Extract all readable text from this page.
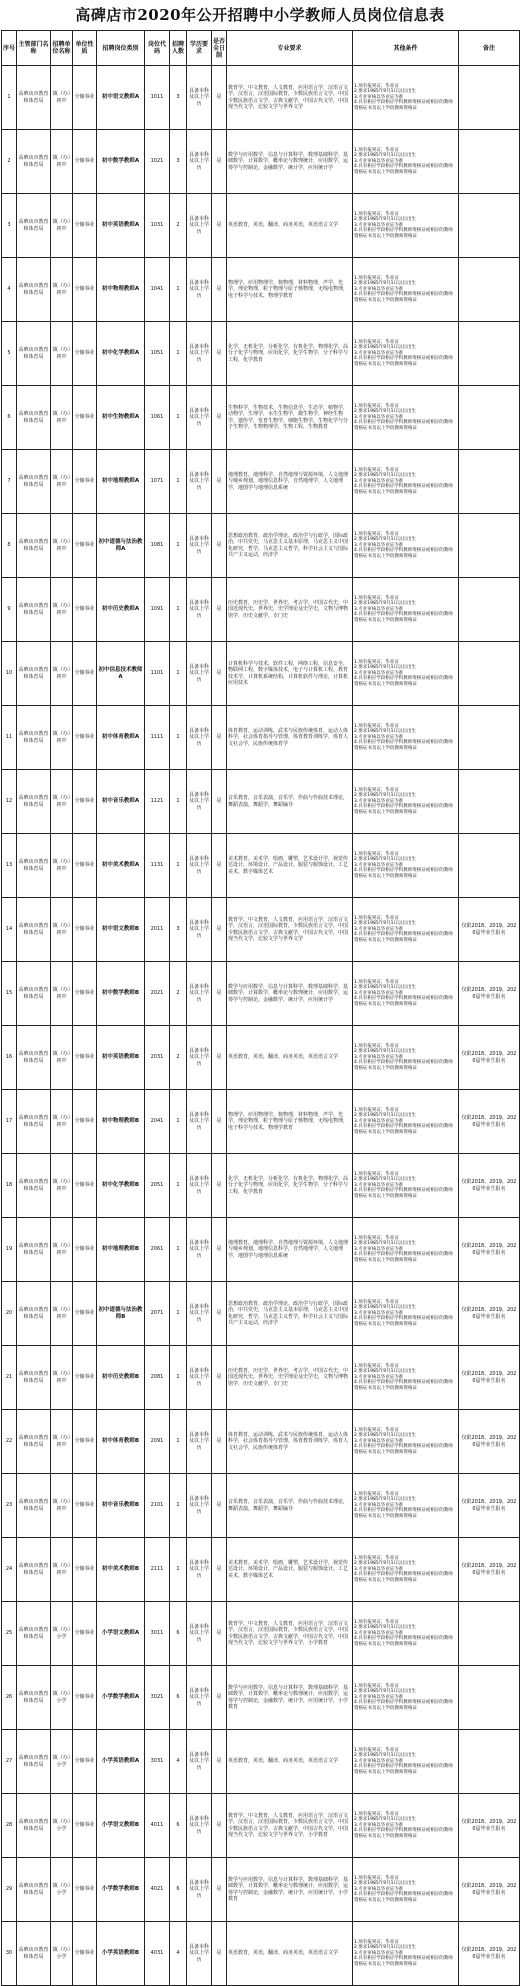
高碑店市2020年公开招聘中小学教师人员岗位信息表
序号	主管部门名称	招聘单位名称	单位性质	招聘岗位类别	岗位代码	招聘人数	学历要求	是否全日制	专业要求	其他条件	备注
1	高碑店市教育和体育局	镇（办）初中	全额事业	初中语文教师A	1011	3	具备本科及以上学历	是	教育学，中文教育，人文教育，应用语言学，汉语言文学，汉语言，汉语国际教育，少数民族语言文学，中国少数民族语言文学，古典文献学，中国古代文学，中国现当代文学，比较文学与世界文学	1.须有报到证、毕业证
2.要求1985年9月1日以后出生
3.专业审核以毕业证为准
4.具有相应学段相应学科教师资格证或相应的教师资格证书及以上学段教师资格证	
2	高碑店市教育和体育局	镇（办）初中	全额事业	初中数学教师A	1021	3	具备本科及以上学历	是	数学与应用数学，信息与计算科学，数理基础科学，基础数学，计算数学，概率论与数理统计，应用数学，运筹学与控制论，金融数学，统计学，应用统计学	1.须有报到证、毕业证
2.要求1985年9月1日以后出生
3.专业审核以毕业证为准
4.具有相应学段相应学科教师资格证或相应的教师资格证书及以上学段教师资格证	
3	高碑店市教育和体育局	镇（办）初中	全额事业	初中英语教师A	1031	2	具备本科及以上学历	是	英语教育，英语，翻译，商务英语，英语语言文学	1.须有报到证、毕业证
2.要求1985年9月1日以后出生
3.专业审核以毕业证为准
4.具有相应学段相应学科教师资格证或相应的教师资格证书及以上学段教师资格证	
4	高碑店市教育和体育局	镇（办）初中	全额事业	初中物理教师A	1041	1	具备本科及以上学历	是	物理学，应用物理学，核物理，材料物理，声学，光学，理论物理，粒子物理与原子核物理，无线电物理，电子科学与技术，物理学教育	1.须有报到证、毕业证
2.要求1985年9月1日以后出生
3.专业审核以毕业证为准
4.具有相应学段相应学科教师资格证或相应的教师资格证书及以上学段教师资格证	
5	高碑店市教育和体育局	镇（办）初中	全额事业	初中化学教师A	1051	1	具备本科及以上学历	是	化学，无机化学，分析化学，有机化学，物理化学，高分子化学与物理，应用化学，化学生物学，分子科学与工程，化学教育	1.须有报到证、毕业证
2.要求1985年9月1日以后出生
3.专业审核以毕业证为准
4.具有相应学段相应学科教师资格证或相应的教师资格证书及以上学段教师资格证	
6	高碑店市教育和体育局	镇（办）初中	全额事业	初中生物教师A	1061	1	具备本科及以上学历	是	生物科学，生物技术，生物信息学，生态学，植物学，动物学，生理学，水生生物学，微生物学，神经生物学，遗传学，发育生物学，细胞生物学，生物化学与分子生物学，生物物理学，生物工程，生物教育	1.须有报到证、毕业证
2.要求1985年9月1日以后出生
3.专业审核以毕业证为准
4.具有相应学段相应学科教师资格证或相应的教师资格证书及以上学段教师资格证	
7	高碑店市教育和体育局	镇（办）初中	全额事业	初中地理教师A	1071	1	具备本科及以上学历	是	地理教育，地理科学，自然地理与资源环境，人文地理与城乡规划，地理信息科学，自然地理学，人文地理学，地图学与地理信息系统	1.须有报到证、毕业证
2.要求1985年9月1日以后出生
3.专业审核以毕业证为准
4.具有相应学段相应学科教师资格证或相应的教师资格证书及以上学段教师资格证	
8	高碑店市教育和体育局	镇（办）初中	全额事业	初中道德与法治教师A	1081	1	具备本科及以上学历	是	思想政治教育，政治学理论，政治学与行政学，国际政治，中共党史，马克思主义基本原理，马克思主义中国化研究，哲学，马克思主义哲学，科学社会主义与国际共产主义运动，经济学	1.须有报到证、毕业证
2.要求1985年9月1日以后出生
3.专业审核以毕业证为准
4.具有相应学段相应学科教师资格证或相应的教师资格证书及以上学段教师资格证	
9	高碑店市教育和体育局	镇（办）初中	全额事业	初中历史教师A	1091	1	具备本科及以上学历	是	历史教育，历史学，世界史，考古学，中国古代史，中国近现代史，世界史，史学理论及史学史，文物与博物馆学，历史文献学，专门史	1.须有报到证、毕业证
2.要求1985年9月1日以后出生
3.专业审核以毕业证为准
4.具有相应学段相应学科教师资格证或相应的教师资格证书及以上学段教师资格证	
10	高碑店市教育和体育局	镇（办）初中	全额事业	初中信息技术教师A	1101	1	具备本科及以上学历	是	计算机科学与技术，软件工程，网络工程，信息安全，物联网工程，数字媒体技术，电子与计算机工程，教育技术学，计算机系统结构，计算机软件与理论，计算机应用技术	1.须有报到证、毕业证
2.要求1985年9月1日以后出生
3.专业审核以毕业证为准
4.具有相应学段相应学科教师资格证或相应的教师资格证书及以上学段教师资格证	
11	高碑店市教育和体育局	镇（办）初中	全额事业	初中体育教师A	1111	1	具备本科及以上学历	是	体育教育，运动训练，武术与民族传统体育，运动人体科学，社会体育指导与管理，体育教育训练学，体育人文社会学，民族传统体育学	1.须有报到证、毕业证
2.要求1985年9月1日以后出生
3.专业审核以毕业证为准
4.具有相应学段相应学科教师资格证或相应的教师资格证书及以上学段教师资格证	
12	高碑店市教育和体育局	镇（办）初中	全额事业	初中音乐教师A	1121	1	具备本科及以上学历	是	音乐教育，音乐表演，音乐学，作曲与作曲技术理论，舞蹈表演，舞蹈学，舞蹈编导	1.须有报到证、毕业证
2.要求1985年9月1日以后出生
3.专业审核以毕业证为准
4.具有相应学段相应学科教师资格证或相应的教师资格证书及以上学段教师资格证	
13	高碑店市教育和体育局	镇（办）初中	全额事业	初中美术教师A	1131	1	具备本科及以上学历	是	美术教育，美术学，绘画，雕塑，艺术设计学，视觉传达设计，环境设计，产品设计，服装与服饰设计，工艺美术，数字媒体艺术	1.须有报到证、毕业证
2.要求1985年9月1日以后出生
3.专业审核以毕业证为准
4.具有相应学段相应学科教师资格证或相应的教师资格证书及以上学段教师资格证	
14	高碑店市教育和体育局	镇（办）初中	全额事业	初中语文教师B	2011	3	具备本科及以上学历	是	教育学，中文教育，人文教育，应用语言学，汉语言文学，汉语言，汉语国际教育，少数民族语言文学，中国少数民族语言文学，古典文献学，中国古代文学，中国现当代文学，比较文学与世界文学	1.须有报到证、毕业证
2.要求1985年9月1日以后出生
3.专业审核以毕业证为准
4.具有相应学段相应学科教师资格证或相应的教师资格证书及以上学段教师资格证	仅限2018、2019、2020届毕业生报名
15	高碑店市教育和体育局	镇（办）初中	全额事业	初中数学教师B	2021	2	具备本科及以上学历	是	数学与应用数学，信息与计算科学，数理基础科学，基础数学，计算数学，概率论与数理统计，应用数学，运筹学与控制论，金融数学，统计学，应用统计学	1.须有报到证、毕业证
2.要求1985年9月1日以后出生
3.专业审核以毕业证为准
4.具有相应学段相应学科教师资格证或相应的教师资格证书及以上学段教师资格证	仅限2018、2019、2020届毕业生报名
16	高碑店市教育和体育局	镇（办）初中	全额事业	初中英语教师B	2031	2	具备本科及以上学历	是	英语教育，英语，翻译，商务英语，英语语言文学	1.须有报到证、毕业证
2.要求1985年9月1日以后出生
3.专业审核以毕业证为准
4.具有相应学段相应学科教师资格证或相应的教师资格证书及以上学段教师资格证	仅限2018、2019、2020届毕业生报名
17	高碑店市教育和体育局	镇（办）初中	全额事业	初中物理教师B	2041	1	具备本科及以上学历	是	物理学，应用物理学，核物理，材料物理，声学，光学，理论物理，粒子物理与原子核物理，无线电物理，电子科学与技术，物理学教育	1.须有报到证、毕业证
2.要求1985年9月1日以后出生
3.专业审核以毕业证为准
4.具有相应学段相应学科教师资格证或相应的教师资格证书及以上学段教师资格证	仅限2018、2019、2020届毕业生报名
18	高碑店市教育和体育局	镇（办）初中	全额事业	初中化学教师B	2051	1	具备本科及以上学历	是	化学，无机化学，分析化学，有机化学，物理化学，高分子化学与物理，应用化学，化学生物学，分子科学与工程，化学教育	1.须有报到证、毕业证
2.要求1985年9月1日以后出生
3.专业审核以毕业证为准
4.具有相应学段相应学科教师资格证或相应的教师资格证书及以上学段教师资格证	仅限2018、2019、2020届毕业生报名
19	高碑店市教育和体育局	镇（办）初中	全额事业	初中地理教师B	2061	1	具备本科及以上学历	是	地理教育，地理科学，自然地理与资源环境，人文地理与城乡规划，地理信息科学，自然地理学，人文地理学，地图学与地理信息系统	1.须有报到证、毕业证
2.要求1985年9月1日以后出生
3.专业审核以毕业证为准
4.具有相应学段相应学科教师资格证或相应的教师资格证书及以上学段教师资格证	仅限2018、2019、2020届毕业生报名
20	高碑店市教育和体育局	镇（办）初中	全额事业	初中道德与法治教师B	2071	1	具备本科及以上学历	是	思想政治教育，政治学理论，政治学与行政学，国际政治，中共党史，马克思主义基本原理，马克思主义中国化研究，哲学，马克思主义哲学，科学社会主义与国际共产主义运动，经济学	1.须有报到证、毕业证
2.要求1985年9月1日以后出生
3.专业审核以毕业证为准
4.具有相应学段相应学科教师资格证或相应的教师资格证书及以上学段教师资格证	仅限2018、2019、2020届毕业生报名
21	高碑店市教育和体育局	镇（办）初中	全额事业	初中历史教师B	2081	1	具备本科及以上学历	是	历史教育，历史学，世界史，考古学，中国古代史，中国近现代史，世界史，史学理论及史学史，文物与博物馆学，历史文献学，专门史	1.须有报到证、毕业证
2.要求1985年9月1日以后出生
3.专业审核以毕业证为准
4.具有相应学段相应学科教师资格证或相应的教师资格证书及以上学段教师资格证	仅限2018、2019、2020届毕业生报名
22	高碑店市教育和体育局	镇（办）初中	全额事业	初中体育教师B	2091	1	具备本科及以上学历	是	体育教育，运动训练，武术与民族传统体育，运动人体科学，社会体育指导与管理，体育教育训练学，体育人文社会学，民族传统体育学	1.须有报到证、毕业证
2.要求1985年9月1日以后出生
3.专业审核以毕业证为准
4.具有相应学段相应学科教师资格证或相应的教师资格证书及以上学段教师资格证	仅限2018、2019、2020届毕业生报名
23	高碑店市教育和体育局	镇（办）初中	全额事业	初中音乐教师B	2101	1	具备本科及以上学历	是	音乐教育，音乐表演，音乐学，作曲与作曲技术理论，舞蹈表演，舞蹈学，舞蹈编导	1.须有报到证、毕业证
2.要求1985年9月1日以后出生
3.专业审核以毕业证为准
4.具有相应学段相应学科教师资格证或相应的教师资格证书及以上学段教师资格证	仅限2018、2019、2020届毕业生报名
24	高碑店市教育和体育局	镇（办）初中	全额事业	初中美术教师B	2111	1	具备本科及以上学历	是	美术教育，美术学，绘画，雕塑，艺术设计学，视觉传达设计，环境设计，产品设计，服装与服饰设计，工艺美术，数字媒体艺术	1.须有报到证、毕业证
2.要求1985年9月1日以后出生
3.专业审核以毕业证为准
4.具有相应学段相应学科教师资格证或相应的教师资格证书及以上学段教师资格证	仅限2018、2019、2020届毕业生报名
25	高碑店市教育和体育局	镇（办）小学	全额事业	小学语文教师A	3011	6	具备本科及以上学历	是	教育学，中文教育，人文教育，应用语言学，汉语言文学，汉语言，汉语国际教育，少数民族语言文学，中国少数民族语言文学，古典文献学，中国古代文学，中国现当代文学，比较文学与世界文学，小学教育	1.须有报到证、毕业证
2.要求1985年9月1日以后出生
3.专业审核以毕业证为准
4.具有相应学段相应学科教师资格证或相应的教师资格证书及以上学段教师资格证	
26	高碑店市教育和体育局	镇（办）小学	全额事业	小学数学教师A	3021	6	具备本科及以上学历	是	数学与应用数学，信息与计算科学，数理基础科学，基础数学，计算数学，概率论与数理统计，应用数学，运筹学与控制论，金融数学，统计学，应用统计学，小学教育	1.须有报到证、毕业证
2.要求1985年9月1日以后出生
3.专业审核以毕业证为准
4.具有相应学段相应学科教师资格证或相应的教师资格证书及以上学段教师资格证	
27	高碑店市教育和体育局	镇（办）小学	全额事业	小学英语教师A	3031	4	具备本科及以上学历	是	英语教育，英语，翻译，商务英语，英语语言文学	1.须有报到证、毕业证
2.要求1985年9月1日以后出生
3.专业审核以毕业证为准
4.具有相应学段相应学科教师资格证或相应的教师资格证书及以上学段教师资格证	
28	高碑店市教育和体育局	镇（办）小学	全额事业	小学语文教师B	4011	6	具备本科及以上学历	是	教育学，中文教育，人文教育，应用语言学，汉语言文学，汉语言，汉语国际教育，少数民族语言文学，中国少数民族语言文学，古典文献学，中国古代文学，中国现当代文学，比较文学与世界文学，小学教育	1.须有报到证、毕业证
2.要求1985年9月1日以后出生
3.专业审核以毕业证为准
4.具有相应学段相应学科教师资格证或相应的教师资格证书及以上学段教师资格证	仅限2018、2019、2020届毕业生报名
29	高碑店市教育和体育局	镇（办）小学	全额事业	小学数学教师B	4021	6	具备本科及以上学历	是	数学与应用数学，信息与计算科学，数理基础科学，基础数学，计算数学，概率论与数理统计，应用数学，运筹学与控制论，金融数学，统计学，应用统计学，小学教育	1.须有报到证、毕业证
2.要求1985年9月1日以后出生
3.专业审核以毕业证为准
4.具有相应学段相应学科教师资格证或相应的教师资格证书及以上学段教师资格证	仅限2018、2019、2020届毕业生报名
30	高碑店市教育和体育局	镇（办）小学	全额事业	小学英语教师B	4031	4	具备本科及以上学历	是	英语教育，英语，翻译，商务英语，英语语言文学	1.须有报到证、毕业证
2.要求1985年9月1日以后出生
3.专业审核以毕业证为准
4.具有相应学段相应学科教师资格证或相应的教师资格证书及以上学段教师资格证	仅限2018、2019、2020届毕业生报名
